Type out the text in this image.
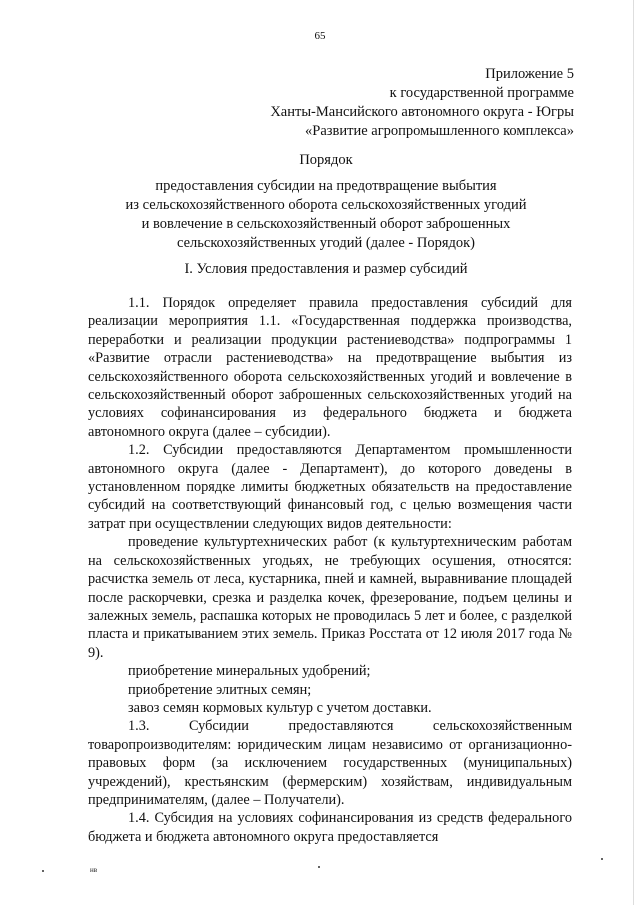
65
Приложение 5
к государственной программе
Ханты-Мансийского автономного округа - Югры
«Развитие агропромышленного комплекса»
Порядок
предоставления субсидии на предотвращение выбытия
из сельскохозяйственного оборота сельскохозяйственных угодий
и вовлечение в сельскохозяйственный оборот заброшенных
сельскохозяйственных угодий (далее - Порядок)
I. Условия предоставления и размер субсидий

1.1. Порядок определяет правила предоставления субсидий для реализации мероприятия 1.1. «Государственная поддержка производства, переработки и реализации продукции растениеводства» подпрограммы 1 «Развитие отрасли растениеводства» на предотвращение выбытия из сельскохозяйственного оборота сельскохозяйственных угодий и вовлечение в сельскохозяйственный оборот заброшенных сельскохозяйственных угодий на условиях софинансирования из федерального бюджета и бюджета автономного округа (далее – субсидии).

1.2. Субсидии предоставляются Департаментом промышленности автономного округа (далее - Департамент), до которого доведены в установленном порядке лимиты бюджетных обязательств на предоставление субсидий на соответствующий финансовый год, с целью возмещения части затрат при осуществлении следующих видов деятельности:

проведение культуртехнических работ (к культуртехническим работам на сельскохозяйственных угодьях, не требующих осушения, относятся: расчистка земель от леса, кустарника, пней и камней, выравнивание площадей после раскорчевки, срезка и разделка кочек, фрезерование, подъем целины и залежных земель, распашка которых не проводилась 5 лет и более, с разделкой пласта и прикатыванием этих земель. Приказ Росстата от 12 июля 2017 года № 9).

приобретение минеральных удобрений;

приобретение элитных семян;

завоз семян кормовых культур с учетом доставки.

1.3. Субсидии предоставляются сельскохозяйственным товаропроизводителям: юридическим лицам независимо от организационно-правовых форм (за исключением государственных (муниципальных) учреждений), крестьянским (фермерским) хозяйствам, индивидуальным предпринимателям, (далее – Получатели).

1.4. Субсидия на условиях софинансирования из средств федерального бюджета и бюджета автономного округа предоставляется

нв
